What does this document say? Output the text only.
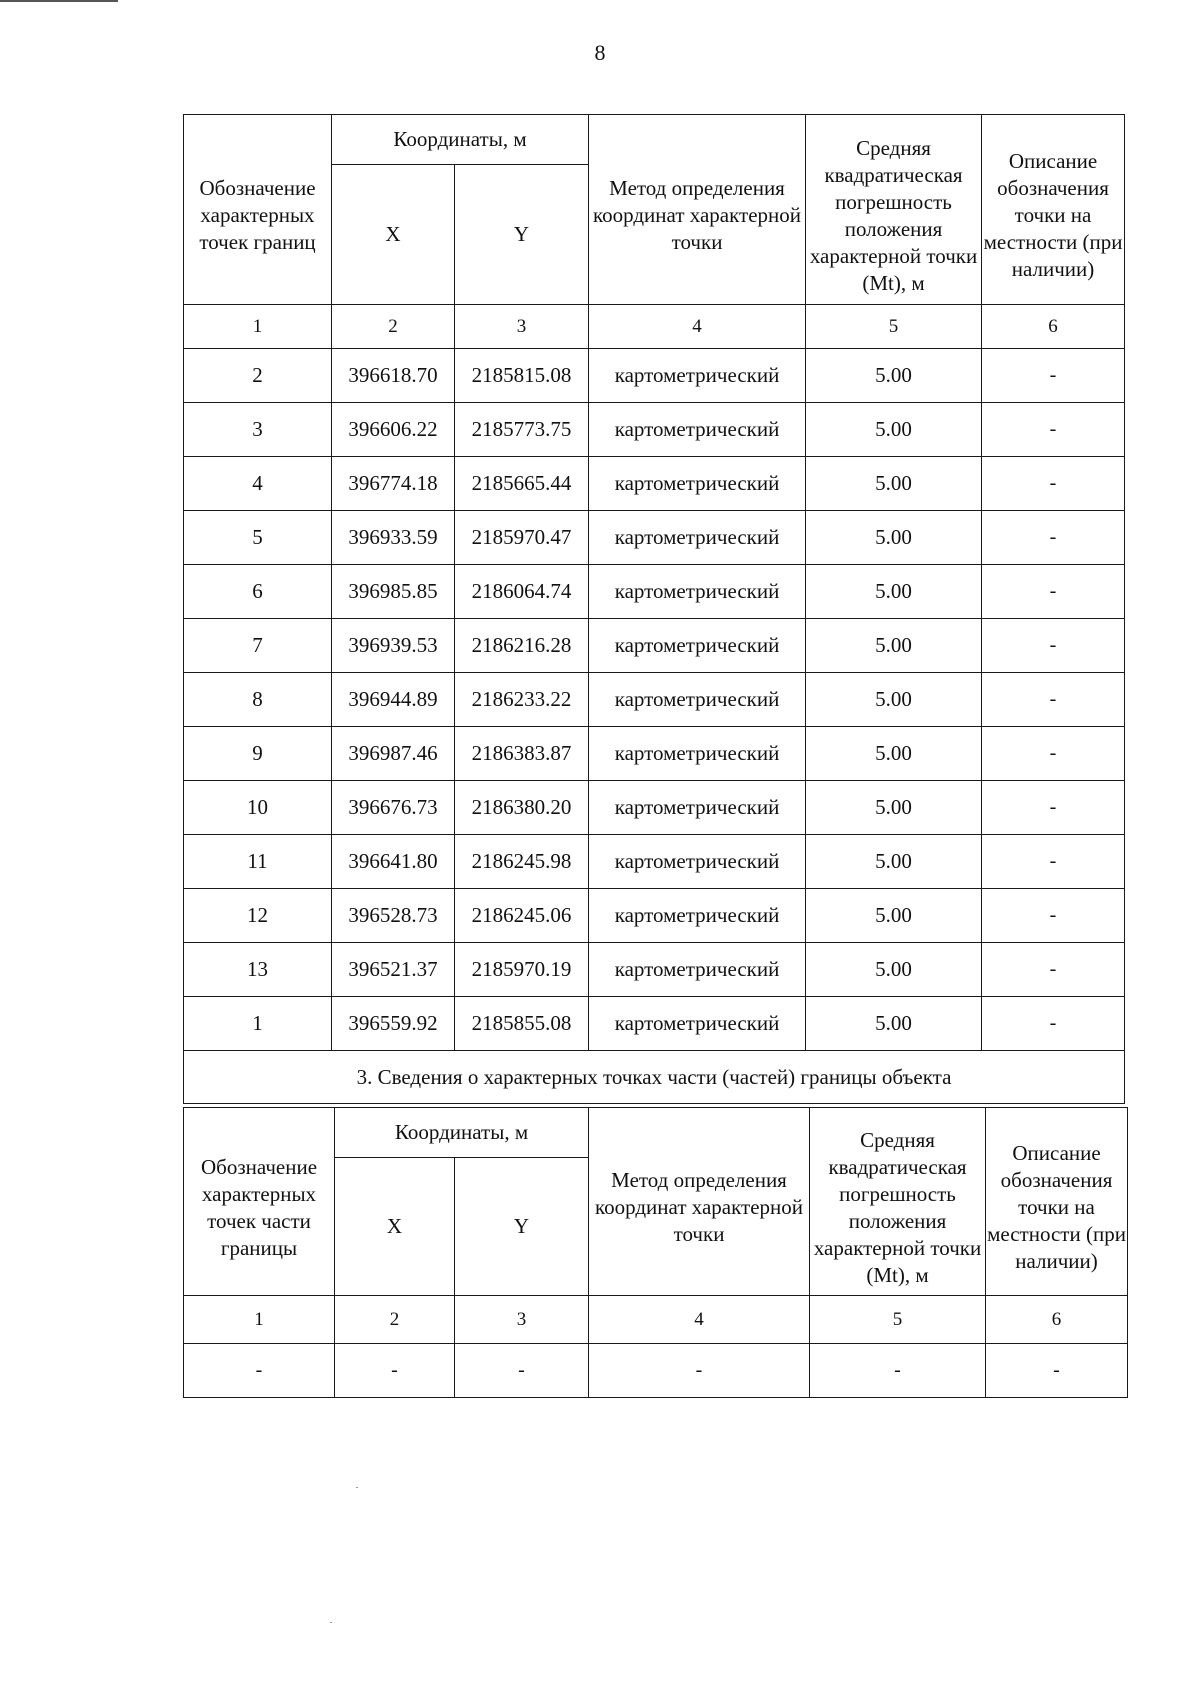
8
Обозначение характерных точек границ	Координаты, м		Метод определения координат характерной точки	Средняя квадратическая погрешность положения характерной точки (Mt), м	Описание обозначения точки на местности (при наличии)
	X	Y			
1	2	3	4	5	6
2	396618.70	2185815.08	картометрический	5.00	-
3	396606.22	2185773.75	картометрический	5.00	-
4	396774.18	2185665.44	картометрический	5.00	-
5	396933.59	2185970.47	картометрический	5.00	-
6	396985.85	2186064.74	картометрический	5.00	-
7	396939.53	2186216.28	картометрический	5.00	-
8	396944.89	2186233.22	картометрический	5.00	-
9	396987.46	2186383.87	картометрический	5.00	-
10	396676.73	2186380.20	картометрический	5.00	-
11	396641.80	2186245.98	картометрический	5.00	-
12	396528.73	2186245.06	картометрический	5.00	-
13	396521.37	2185970.19	картометрический	5.00	-
1	396559.92	2185855.08	картометрический	5.00	-
3. Сведения о характерных точках части (частей) границы объекта					
Обозначение характерных точек части границы	Координаты, м		Метод определения координат характерной точки	Средняя квадратическая погрешность положения характерной точки (Mt), м	Описание обозначения точки на местности (при наличии)
	X	Y			
1	2	3	4	5	6
-	-	-	-	-	-
